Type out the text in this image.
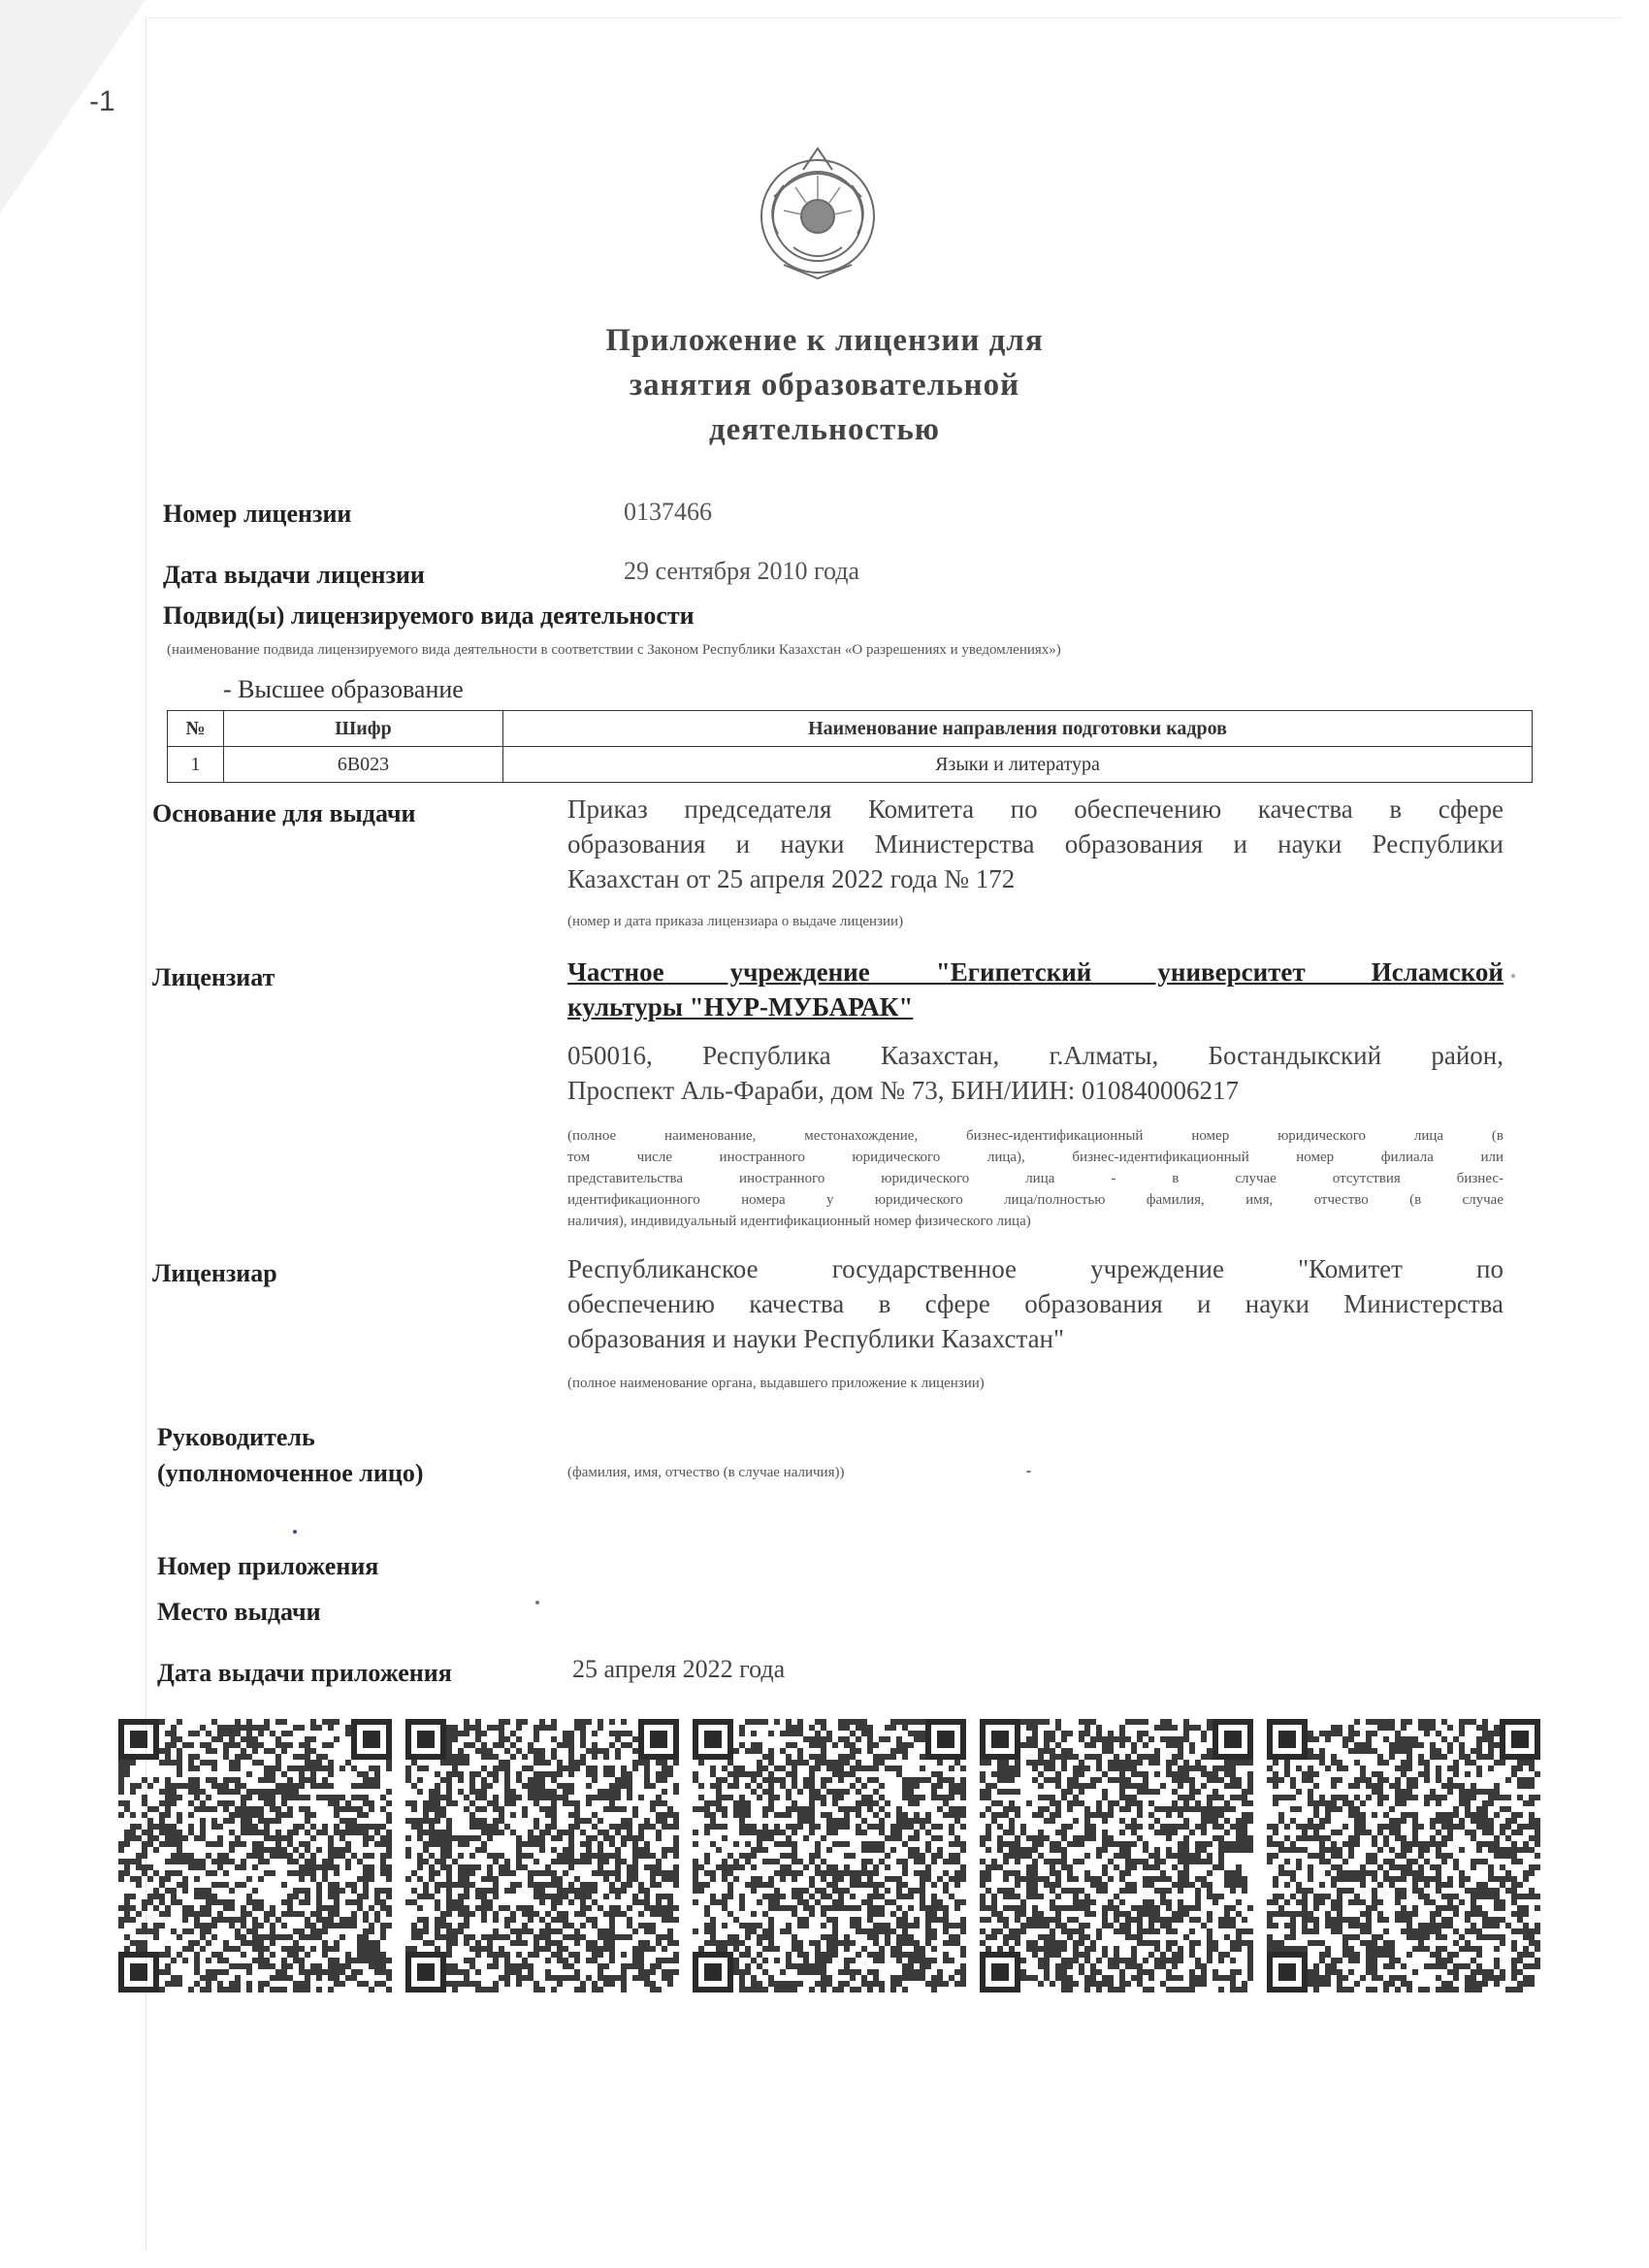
-1
Приложение к лицензии для
занятия образовательной
деятельностью
Номер лицензии	0137466
Дата выдачи лицензии	29 сентября 2010 года
Подвид(ы) лицензируемого вида деятельности
(наименование подвида лицензируемого вида деятельности в соответствии с Законом Республики Казахстан «О разрешениях и уведомлениях»)
- Высшее образование
№	Шифр	Наименование направления подготовки кадров
1	6В023	Языки и литература
Основание для выдачи	Приказ председателя Комитета по обеспечению качества в сфере
образования и науки Министерства образования и науки Республики
Казахстан от 25 апреля 2022 года № 172
(номер и дата приказа лицензиара о выдаче лицензии)
Лицензиат	Частное учреждение "Египетский университет Исламской
культуры "НУР-МУБАРАК"
050016, Республика Казахстан, г.Алматы, Бостандыкский район,
Проспект Аль-Фараби, дом № 73, БИН/ИИН: 010840006217
(полное наименование, местонахождение, бизнес-идентификационный номер юридического лица (в
том числе иностранного юридического лица), бизнес-идентификационный номер филиала или
представительства иностранного юридического лица - в случае отсутствия бизнес-
идентификационного номера у юридического лица/полностью фамилия, имя, отчество (в случае
наличия), индивидуальный идентификационный номер физического лица)
Лицензиар	Республиканское государственное учреждение "Комитет по
обеспечению качества в сфере образования и науки Министерства
образования и науки Республики Казахстан"
(полное наименование органа, выдавшего приложение к лицензии)
Руководитель
(уполномоченное лицо)	(фамилия, имя, отчество (в случае наличия))
Номер приложения
Место выдачи
Дата выдачи приложения	25 апреля 2022 года
